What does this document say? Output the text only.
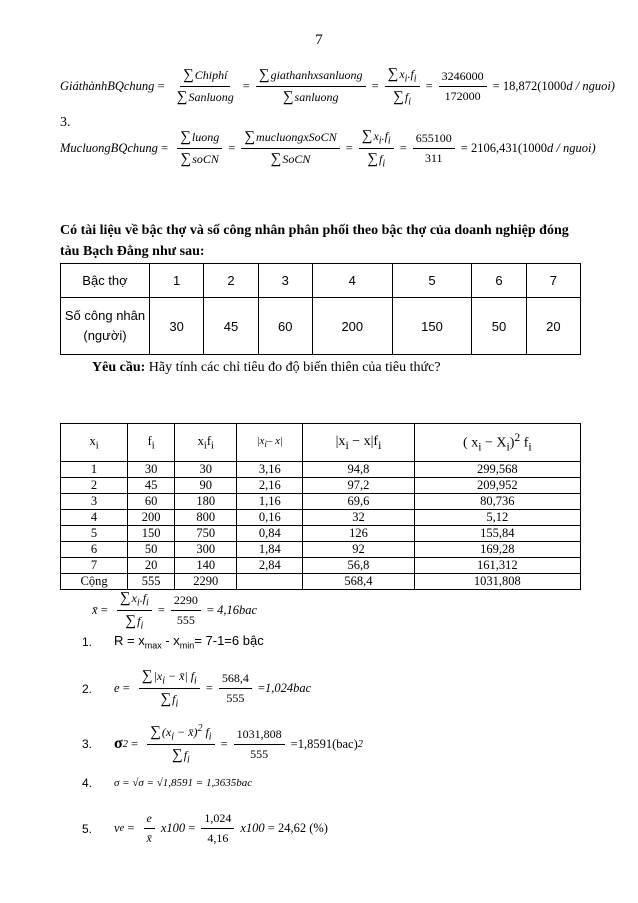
7
GiáthànhBQchung = $\frac{\text{∑Chiphí}}{\text{∑Sanluong}} = \frac{\text{∑giathanhxsanluong}}{\text{∑sanluong}} = \frac{\sum x_i.f_i}{\sum f_i} = \frac{3246000}{172000} = 18,872(1000$ d / nguoi)
3.
MucluongBQchung = $\frac{\text{∑luong}}{\text{∑soCN}} = \frac{\text{∑mucluongxSoCN}}{\text{∑SoCN}} = \frac{\sum x_i.f_i}{\sum f_i} = \frac{655100}{311} = 2106,431(1000$ d / nguoi)
Có tài liệu về bậc thợ và số công nhân phân phối theo bậc thợ của doanh nghiệp đóng tàu Bạch Đằng như sau:
Bậc thợ	1	2	3	4	5	6	7
Số công nhân (người)	30	45	60	200	150	50	20
Yêu cầu: Hãy tính các chỉ tiêu đo độ biến thiên của tiêu thức?
$x_i$	$f_i$	$x_if_i$	$|x_i-$ x|	$|x_i - x|f_i$	( $x_i - X_i)^2$ $f_i$
1	30	30	3,16	94,8	299,568
2	45	90	2,16	97,2	209,952
3	60	180	1,16	69,6	80,736
4	200	800	0,16	32	5,12
5	150	750	0,84	126	155,84
6	50	300	1,84	92	169,28
7	20	140	2,84	56,8	161,312
Cộng	555	2290		568,4	1031,808
x̄ = $\frac{\sum x_i.f_i}{\sum f_i} = \frac{2290}{555} = 4,16bac$
1.	$R = x_{max} - x_{min}= 7-1=6$ bậc
2.	$e = \frac{\sum|x_i - x̄| f_i}{\sum f_i} = \frac{568,4}{555} = 1,024bac$
3.	σ $2 = \frac{\sum(x_i - x̄)^2 f_i}{\sum f_i} = \frac{1031,808}{555} = 1,8591(bac)$ 2
4.	σ = √σ = √1,8591 = 1,3635bac
5.	v $e = \frac{e}{x̄} x100 = \frac{1,024}{4,16} x100 = 24,62$ (%)
